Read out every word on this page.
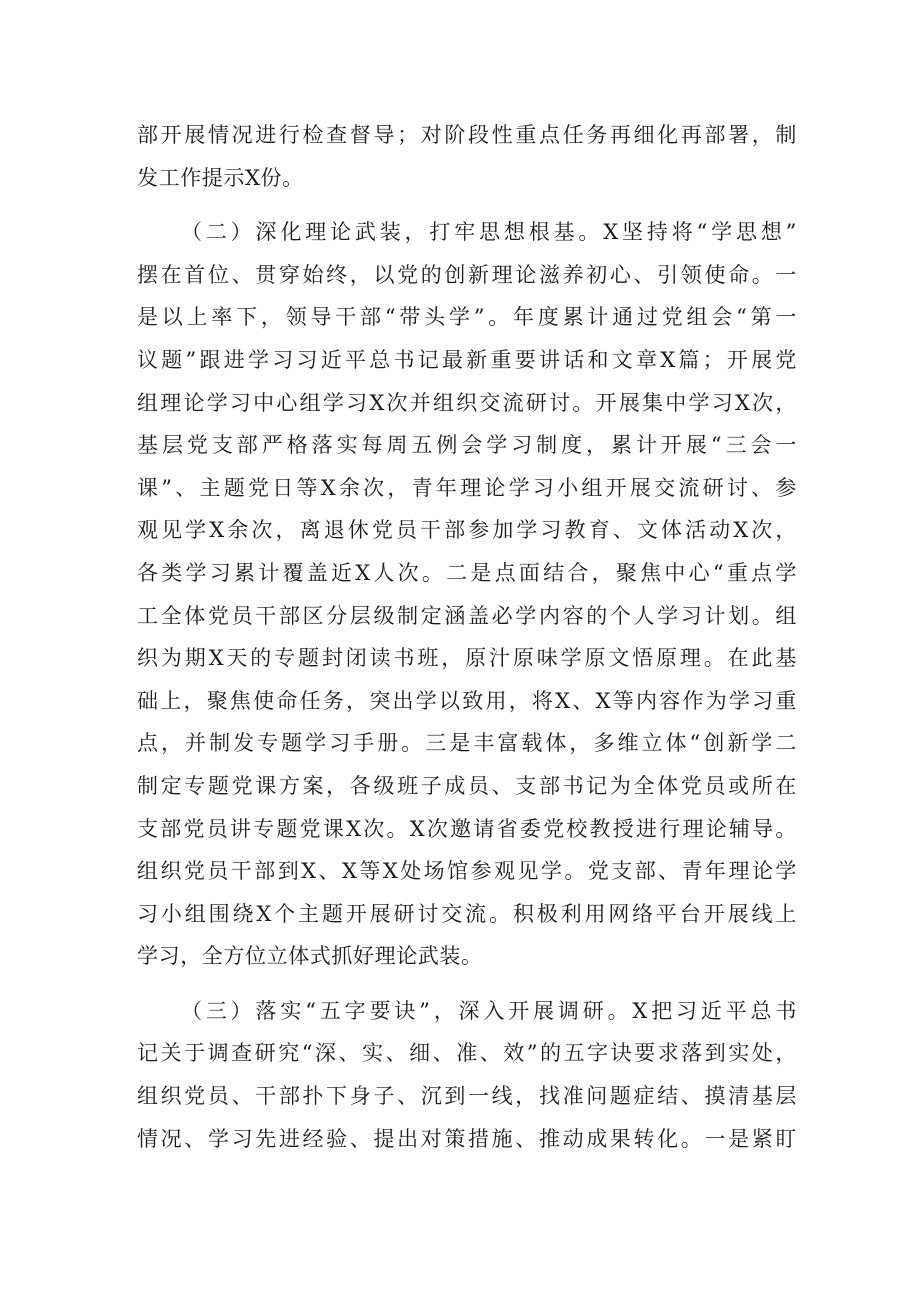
部开展情况进行检查督导；对阶段性重点任务再细化再部署，制
发工作提示X份。
（二）深化理论武装，打牢思想根基。X坚持将“学思想”
摆在首位、贯穿始终，以党的创新理论滋养初心、引领使命。一
是以上率下，领导干部“带头学”。年度累计通过党组会“第一
议题”跟进学习习近平总书记最新重要讲话和文章X篇；开展党
组理论学习中心组学习X次并组织交流研讨。开展集中学习X次，
基层党支部严格落实每周五例会学习制度，累计开展“三会一
课”、主题党日等X余次，青年理论学习小组开展交流研讨、参
观见学X余次，离退休党员干部参加学习教育、文体活动X次，
各类学习累计覆盖近X人次。二是点面结合，聚焦中心“重点学
工全体党员干部区分层级制定涵盖必学内容的个人学习计划。组
织为期X天的专题封闭读书班，原汁原味学原文悟原理。在此基
础上，聚焦使命任务，突出学以致用，将X、X等内容作为学习重
点，并制发专题学习手册。三是丰富载体，多维立体“创新学二
制定专题党课方案，各级班子成员、支部书记为全体党员或所在
支部党员讲专题党课X次。X次邀请省委党校教授进行理论辅导。
组织党员干部到X、X等X处场馆参观见学。党支部、青年理论学
习小组围绕X个主题开展研讨交流。积极利用网络平台开展线上
学习，全方位立体式抓好理论武装。
（三）落实“五字要诀”，深入开展调研。X把习近平总书
记关于调查研究“深、实、细、准、效”的五字诀要求落到实处，
组织党员、干部扑下身子、沉到一线，找准问题症结、摸清基层
情况、学习先进经验、提出对策措施、推动成果转化。一是紧盯
